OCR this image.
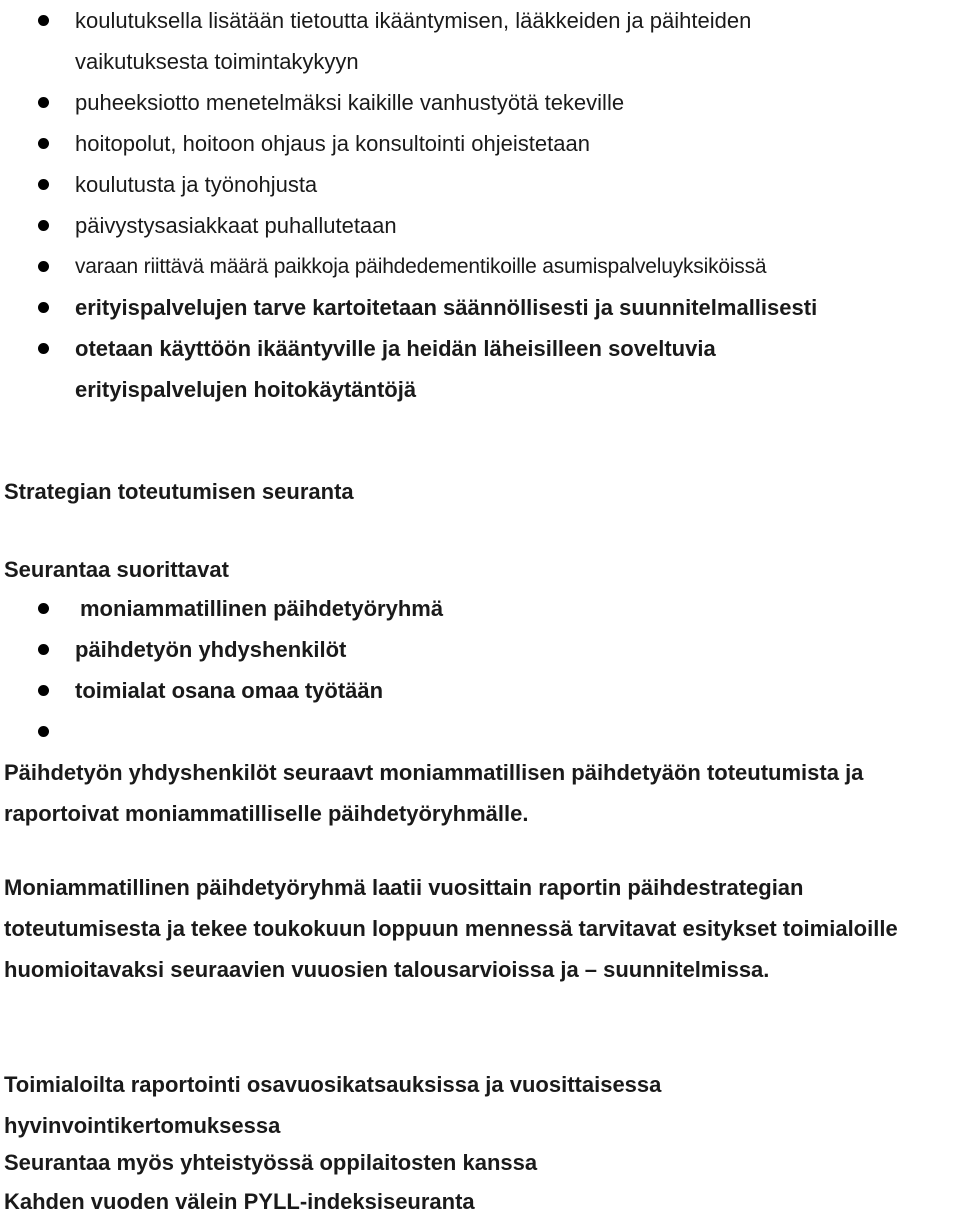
koulutuksella lisätään tietoutta ikääntymisen, lääkkeiden ja päihteiden vaikutuksesta toimintakykyyn
puheeksiotto menetelmäksi kaikille vanhustyötä tekeville
hoitopolut, hoitoon ohjaus ja konsultointi ohjeistetaan
koulutusta ja työnohjusta
päivystysasiakkaat puhallutetaan
varaan riittävä määrä paikkoja päihdedementikoille asumispalveluyksiköissä
erityispalvelujen tarve kartoitetaan säännöllisesti ja suunnitelmallisesti
otetaan käyttöön ikääntyville ja heidän läheisilleen soveltuvia erityispalvelujen hoitokäytäntöjä
Strategian toteutumisen seuranta
Seurantaa suorittavat
moniammatillinen päihdetyöryhmä
päihdetyön yhdyshenkilöt
toimialat osana omaa työtään
Päihdetyön yhdyshenkilöt seuraavt moniammatillisen päihdetyäön toteutumista ja raportoivat moniammatilliselle päihdetyöryhmälle.
Moniammatillinen päihdetyöryhmä laatii vuosittain raportin päihdestrategian toteutumisesta ja tekee toukokuun loppuun mennessä tarvitavat esitykset toimialoille huomioitavaksi seuraavien vuuosien talousarvioissa ja – suunnitelmissa.
Toimialoilta raportointi osavuosikatsauksissa ja vuosittaisessa hyvinvointikertomuksessa
Seurantaa myös yhteistyössä oppilaitosten kanssa
Kahden vuoden välein PYLL-indeksiseuranta
